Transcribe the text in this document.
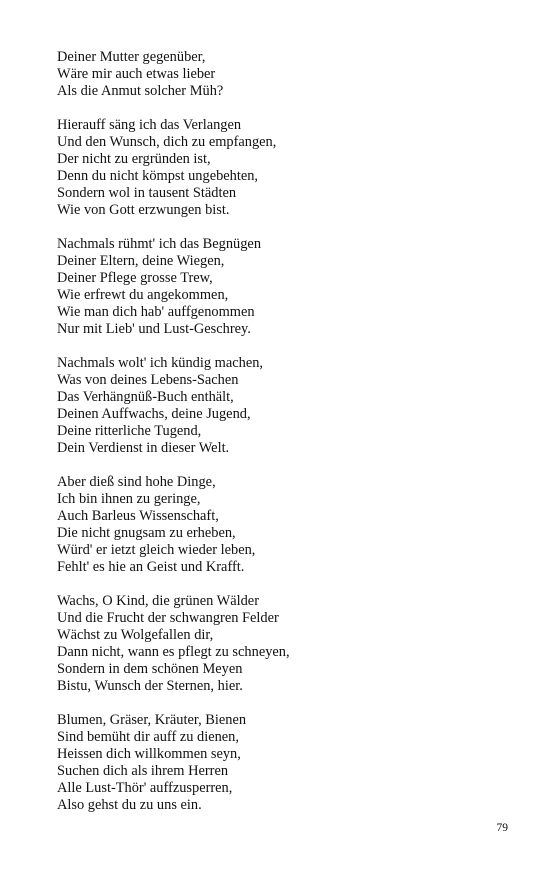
Deiner Mutter gegenüber,
Wäre mir auch etwas lieber
Als die Anmut solcher Müh?
Hierauff säng ich das Verlangen
Und den Wunsch, dich zu empfangen,
Der nicht zu ergründen ist,
Denn du nicht kömpst ungebehten,
Sondern wol in tausent Städten
Wie von Gott erzwungen bist.
Nachmals rühmt' ich das Begnügen
Deiner Eltern, deine Wiegen,
Deiner Pflege grosse Trew,
Wie erfrewt du angekommen,
Wie man dich hab' auffgenommen
Nur mit Lieb' und Lust-Geschrey.
Nachmals wolt' ich kündig machen,
Was von deines Lebens-Sachen
Das Verhängnüß-Buch enthält,
Deinen Auffwachs, deine Jugend,
Deine ritterliche Tugend,
Dein Verdienst in dieser Welt.
Aber dieß sind hohe Dinge,
Ich bin ihnen zu geringe,
Auch Barleus Wissenschaft,
Die nicht gnugsam zu erheben,
Würd' er ietzt gleich wieder leben,
Fehlt' es hie an Geist und Krafft.
Wachs, O Kind, die grünen Wälder
Und die Frucht der schwangren Felder
Wächst zu Wolgefallen dir,
Dann nicht, wann es pflegt zu schneyen,
Sondern in dem schönen Meyen
Bistu, Wunsch der Sternen, hier.
Blumen, Gräser, Kräuter, Bienen
Sind bemüht dir auff zu dienen,
Heissen dich willkommen seyn,
Suchen dich als ihrem Herren
Alle Lust-Thör' auffzusperren,
Also gehst du zu uns ein.
79
